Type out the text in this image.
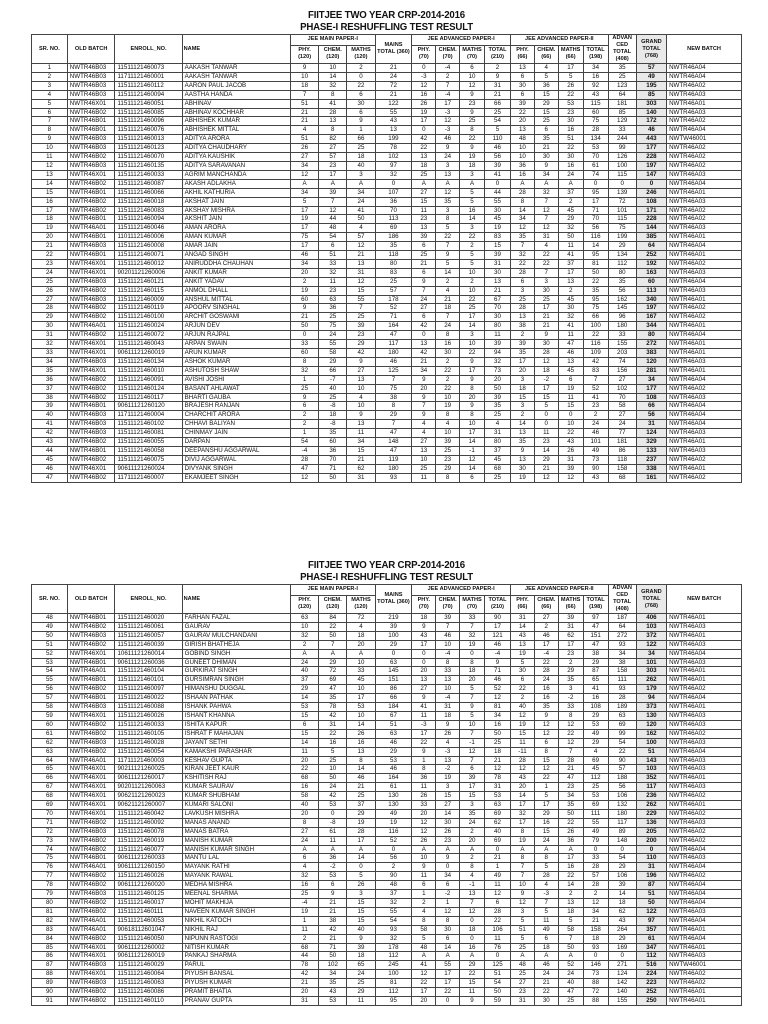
FIITJEE TWO YEAR CRP-2014-2016
PHASE-I RESHUFFLING TEST RESULT
SR. NO.	OLD BATCH	ENROLL_NO.	NAME	JEE MAIN PAPER-I			MAINS TOTAL (360)	JEE ADVANCED PAPER-I				JEE ADVANCED PAPER-II				ADVAN CED TOTAL (408)	GRAND TOTAL (768)	NEW BATCH
				PHY. (120)	CHEM. (120)	MATHS (120)		PHY. (70)	CHEM. (70)	MATHS (70)	TOTAL (210)	PHY. (66)	CHEM. (66)	MATHS (66)	TOTAL (198)			
1	NWTR46B03	11511121460073	AAKASH TANWAR	9	10	2	21	0	-4	6	2	13	4	17	34	35	57	NWTR46A04
2	NWTR46B03	11711121460001	AAKASH TANWAR	10	14	0	24	-3	2	10	9	6	5	5	16	25	49	NWTR46A04
3	NWTR46B03	11511121460112	AARON PAUL JACOB	18	32	22	72	12	7	12	31	30	36	26	92	123	195	NWTR46A02
4	NWTR46B03	11511121460094	AASTHA HANDA	7	8	6	21	16	-4	9	21	6	15	22	43	64	85	NWTR46A03
5	NWTR46X01	11511121460051	ABHINAV	51	41	30	122	26	17	23	66	39	29	53	115	181	303	NWTR46A01
6	NWTR46B02	11511121460085	ABHINAV KOCHHAR	21	28	6	55	19	-3	9	25	22	15	23	60	85	140	NWTR46A03
7	NWTR46B01	11511121460096	ABHISHEK KUMAR	21	13	9	43	17	12	25	54	20	25	30	75	129	172	NWTR46A02
8	NWTR46B01	11511121460076	ABHISHEK MITTAL	4	8	1	13	0	-3	8	5	13	6	16	28	33	46	NWTR46A04
9	NWTR46B03	11511121460013	ADITYA ARORA	51	82	66	199	42	46	22	110	48	35	51	134	244	443	NWTW46001
10	NWTR46B03	11511121460123	ADITYA CHAUDHARY	26	27	25	78	22	9	9	46	10	21	22	53	99	177	NWTR46A02
11	NWTR46B02	11511121460070	ADITYA KAUSHIK	27	57	18	102	13	24	19	56	10	30	30	70	126	228	NWTR46A02
12	NWTR46B03	11511121460135	ADITYA SARAVANAN	34	23	40	97	18	3	18	39	36	9	16	61	100	197	NWTR46A02
13	NWTR46X01	11511121460033	AGRIM MANCHANDA	12	17	3	32	25	13	3	41	16	34	24	74	115	147	NWTR46A03
14	NWTR46B02	11511121460087	AKASH ADLAKHA	A	A	A	0	A	A	A	0	A	A	A	0	0	0	NWTR46A04
15	NWTR46B01	11511121460066	AKHIL KATHURIA	34	39	34	107	27	12	5	44	28	32	37	95	139	246	NWTR46A01
16	NWTR46B02	11511121460018	AKSHAT JAIN	5	7	24	36	15	35	5	55	8	7	2	17	72	108	NWTR46A03
17	NWTR46B02	11511121460083	AKSHAY MISHRA	17	12	41	70	11	3	16	30	14	12	45	71	101	171	NWTR46A02
18	NWTR46B01	11511121460094	AKSHIT JAIN	19	44	50	113	23	8	14	45	34	7	29	70	115	228	NWTR46A02
19	NWTR46A01	11511121460046	AMAN ARORA	17	48	4	69	13	5	3	19	12	12	32	56	75	144	NWTR46A03
20	NWTR46B01	11011121460006	AMAN KUMAR	75	54	57	186	39	22	22	83	35	31	50	116	199	385	NWTR46A01
21	NWTR46B03	11511121460008	AMAR JAIN	17	6	12	35	6	7	2	15	7	4	11	14	29	64	NWTR46A04
22	NWTR46B01	11511121460071	ANGAD SINGH	46	51	21	118	25	9	5	39	32	22	41	95	134	252	NWTR46A01
23	NWTR46X01	11511121460012	ANIRUDDHA CHAUHAN	34	33	13	80	21	5	5	31	22	22	37	81	112	192	NWTR46A02
24	NWTR46X01	90201121260006	ANKIT KUMAR	20	32	31	83	6	14	10	30	28	7	17	50	80	163	NWTR46A03
25	NWTR46B03	11511121460121	ANKIT YADAV	2	11	12	25	9	2	2	13	6	3	13	22	35	60	NWTR46A04
26	NWTR46B02	11511121460115	ANMOL DHALL	19	23	15	57	7	4	10	21	3	30	2	35	56	113	NWTR46A03
27	NWTR46B03	11511121460009	ANSHUL MITTAL	60	63	55	178	24	21	22	67	25	25	45	95	162	340	NWTR46A01
28	NWTR46B02	11511121460119	APOORV SINGHAL	9	36	7	52	27	18	25	70	28	17	30	75	145	197	NWTR46A02
29	NWTR46B02	11511121460100	ARCHIT GOSWAMI	21	25	25	71	6	7	17	30	13	21	32	66	96	167	NWTR46A02
30	NWTR46A01	11511121460024	ARJUN DEV	50	75	39	164	42	24	14	80	38	21	41	100	180	344	NWTR46A01
31	NWTR46B02	11511121460072	ARJUN RAJPAL	0	24	23	47	0	8	3	11	2	9	11	22	33	80	NWTR46A04
32	NWTR46X01	11511121460043	ARPAN SWAIN	33	55	29	117	13	16	10	39	39	30	47	116	155	272	NWTR46A01
33	NWTR46X01	90611121260019	ARUN KUMAR	60	58	42	180	42	30	22	94	35	28	46	109	203	383	NWTR46A01
34	NWTR46B03	11511121460134	ASHOK KUMAR	8	29	9	46	21	2	9	32	17	12	13	42	74	120	NWTR46A03
35	NWTR46X01	11511121460010	ASHUTOSH SHAW	32	66	27	125	34	22	17	73	20	18	45	83	156	281	NWTR46A01
36	NWTR46B02	11511121460091	AVISHI JOSHI	1	-7	13	7	9	2	9	20	3	-2	6	7	27	34	NWTR46A04
37	NWTR46B02	11511121460124	BASANT AHLAWAT	25	40	10	75	20	22	8	50	18	17	19	52	102	177	NWTR46A02
38	NWTR46B02	11511121460117	BHARTI GAUBA	9	25	4	38	9	10	20	39	15	15	11	41	70	108	NWTR46A03
39	NWTR46B01	90611121260120	BRAJESH RANJAN	6	-8	10	8	7	19	9	35	3	5	15	23	58	66	NWTR46A04
40	NWTR46B03	11711121460004	CHARCHIT ARORA	2	18	9	29	9	8	8	25	2	0	0	2	27	56	NWTR46A04
41	NWTR46B03	11511121460102	CHHAVI BALIYAN	2	-8	13	7	4	4	10	4	14	0	10	24	24	31	NWTR46A04
42	NWTR46B03	11511121460081	CHINMAY JAIN	1	35	11	47	4	10	17	31	13	11	22	46	77	124	NWTR46A03
43	NWTR46B02	11511121460055	DARPAN	54	60	34	148	27	39	14	80	35	23	43	101	181	329	NWTR46A01
44	NWTR46B01	11511121460058	DEEPANSHU AGGARWAL	-4	36	15	47	13	25	-1	37	9	14	26	49	86	133	NWTR46A03
45	NWTR46B02	11511121460075	DIVIJ AGGARWAL	28	70	21	119	10	23	12	45	13	29	31	73	118	237	NWTR46A02
46	NWTR46X01	90611121260024	DIVYANK SINGH	47	71	62	180	25	29	14	68	30	21	39	90	158	338	NWTR46A01
47	NWTR46B02	11711121460007	EKAMJEET SINGH	12	50	31	93	11	8	6	25	19	12	12	43	68	161	NWTR46A02
FIITJEE TWO YEAR CRP-2014-2016
PHASE-I RESHUFFLING TEST RESULT
SR. NO.	OLD BATCH	ENROLL_NO.	NAME	JEE MAIN PAPER-I			MAINS TOTAL (360)	JEE ADVANCED PAPER-I				JEE ADVANCED PAPER-II				ADVAN CED TOTAL (408)	GRAND TOTAL (768)	NEW BATCH
				PHY. (120)	CHEM. (120)	MATHS (120)		PHY. (70)	CHEM. (70)	MATHS (70)	TOTAL (210)	PHY. (66)	CHEM. (66)	MATHS (66)	TOTAL (198)			
48	NWTR46B01	11511121460020	FARHAN FAZAL	63	84	72	219	18	39	33	90	31	27	39	97	187	406	NWTR46A01
49	NWTR46B02	11511121460061	GAURAV	10	22	4	39	9	7	7	17	14	2	31	47	64	103	NWTR46A03
50	NWTR46B03	11511121460057	GAURAV MULCHANDANI	32	50	18	100	43	46	32	121	43	46	62	151	272	372	NWTR46A01
51	NWTR46B02	11511121460039	GIRISH BHATHEJA	2	7	20	29	17	10	19	46	13	17	17	47	93	122	NWTR46A03
52	NWTR46X01	10611121260014	GOBIND SINGH	A	A	A	0	0	-4	0	-4	19	-4	23	38	34	34	NWTR46A04
53	NWTR46B01	90611121260036	GUNEET DHIMAN	24	29	10	63	0	8	8	9	5	22	2	29	38	101	NWTR46A03
54	NWTR46A01	11511121460104	GURKIRAT SINGH	40	72	33	145	20	33	18	71	30	28	29	87	158	303	NWTR46A01
55	NWTR46B01	11511121460101	GURSIMRAN SINGH	37	69	45	151	13	13	20	46	6	24	35	65	111	262	NWTR46A01
56	NWTR46B02	11511121460097	HIMANSHU DUGGAL	29	47	10	86	27	10	5	52	22	16	3	41	93	179	NWTR46A02
57	NWTR46B01	11511121460022	ISHAAN PATHAK	14	35	17	66	9	-4	7	12	2	16	-2	16	28	94	NWTR46A04
58	NWTR46B03	11511121460088	ISHANK PAHWA	53	78	53	184	41	31	9	81	40	35	33	108	189	373	NWTR46A01
59	NWTR46X01	11511121460026	ISHANT KHANNA	15	42	10	67	11	18	5	34	12	9	8	29	63	130	NWTR46A03
60	NWTR46B02	11511121460033	ISHITA KAPUR	6	31	14	51	-3	9	10	16	19	12	12	53	69	120	NWTR46A03
61	NWTR46B02	11511121460105	ISHRAT F MAHAJAN	15	22	26	63	17	26	7	50	15	12	22	49	99	162	NWTR46A02
62	NWTR46B03	11511121460028	JAYANT SETHI	14	16	16	46	22	4	-1	25	11	6	12	29	54	100	NWTR46A03
63	NWTR46B02	11511121460054	KAMAKSHI PARASHAR	11	5	13	29	9	-3	12	18	-11	8	7	4	22	51	NWTR46A04
64	NWTR46A01	11711121460003	KESHAV GUPTA	20	25	8	53	1	13	7	21	28	15	28	69	90	143	NWTR46A03
65	NWTR46X01	90211121260025	KIRAN JEET KAUR	22	10	14	46	8	-2	6	12	12	12	21	45	57	103	NWTR46A03
66	NWTR46X01	90611121260017	KSHITISH RAJ	68	50	46	164	36	19	39	78	43	22	47	112	188	352	NWTR46A01
67	NWTR46X01	90201121260063	KUMAR SAURAV	16	24	21	61	11	3	17	31	20	1	23	25	56	117	NWTR46A03
68	NWTR46X01	90621121260023	KUMAR SHUBHAM	58	42	25	130	26	15	15	53	14	5	34	53	106	236	NWTR46A02
69	NWTR46X01	90621121260007	KUMARI SALONI	40	53	37	130	33	27	3	63	17	17	35	69	132	262	NWTR46A01
70	NWTR46X01	11511121460042	LAVKUSH MISHRA	20	0	29	49	20	14	35	69	32	29	50	111	180	229	NWTR46A02
71	NWTR46B02	11511121460092	MANAS ANAND	8	-8	19	19	12	30	24	62	17	16	22	55	117	136	NWTR46A03
72	NWTR46B03	11511121460078	MANAS BATRA	27	61	28	116	12	26	2	40	8	15	26	49	89	205	NWTR46A02
73	NWTR46B02	11511121460019	MANISH KUMAR	24	11	17	52	26	23	20	69	19	24	36	79	148	200	NWTR46A02
74	NWTR46B02	11511121460077	MANISH KUMAR SINGH	A	A	A	0	A	A	A	0	A	A	A	0	0	0	NWTR46A04
75	NWTR46B01	90611121260033	MANTU LAL	6	36	14	56	10	9	2	21	8	8	17	33	54	110	NWTR46A03
76	NWTR46A01	90611121260150	MAYANK RATHI	4	-2	0	2	9	0	8	1	7	5	16	28	29	31	NWTR46A04
77	NWTR46B02	11511121460026	MAYANK RAWAL	32	53	5	90	11	34	4	49	7	28	22	57	106	196	NWTR46A02
78	NWTR46B02	90611121260020	MEDHA MISHRA	16	6	26	48	6	6	-1	11	10	4	14	28	39	87	NWTR46A04
79	NWTR46B03	11511121460125	MEENAL SHARMA	25	9	3	37	1	-2	13	12	9	-3	2	2	14	51	NWTR46A04
80	NWTR46B02	11511121460017	MOHIT MAKHIJA	-4	21	15	32	2	1	7	6	12	7	13	12	18	50	NWTR46A04
81	NWTR46B02	11511121460111	NAVEEN KUMAR SINGH	19	21	15	55	4	12	12	28	3	5	18	34	62	122	NWTR46A03
82	NWTR46A01	11511121460053	NIKHIL KATOCH	1	38	15	54	8	8	0	22	5	11	5	21	43	97	NWTR46A04
83	NWTR46A01	90618112601047	NIKHIL RAJ	11	42	40	93	58	30	18	106	51	49	58	158	264	357	NWTR46A01
84	NWTR46B02	11511121460050	NIPUNN RASTOGI	2	21	9	32	5	6	0	11	5	6	7	18	29	61	NWTR46A04
85	NWTR46X01	90611121260002	NITISH KUMAR	68	71	39	178	48	14	16	76	25	18	50	93	169	347	NWTR46A01
86	NWTR46X01	90611121260019	PANKAJ SHARMA	44	50	18	112	A	A	A	0	A	A	A	0	0	112	NWTR46A03
87	NWTR46B03	11511121460029	PARUL	78	102	65	245	41	55	29	125	48	46	52	146	271	516	NWTW46001
88	NWTR46X01	11511121460064	PIYUSH BANSAL	42	34	24	100	12	17	22	51	25	24	24	73	124	224	NWTR46A02
89	NWTR46B03	11511121460063	PIYUSH KUMAR	21	35	25	81	22	17	15	54	27	21	40	88	142	223	NWTR46A02
90	NWTR46B02	11511121460086	PRAMIT BHATIA	20	43	29	112	17	22	11	50	23	22	47	72	140	252	NWTR46A01
91	NWTR46B02	11511121460110	PRANAV GUPTA	31	53	11	95	20	0	9	59	31	30	25	88	155	250	NWTR46A01
